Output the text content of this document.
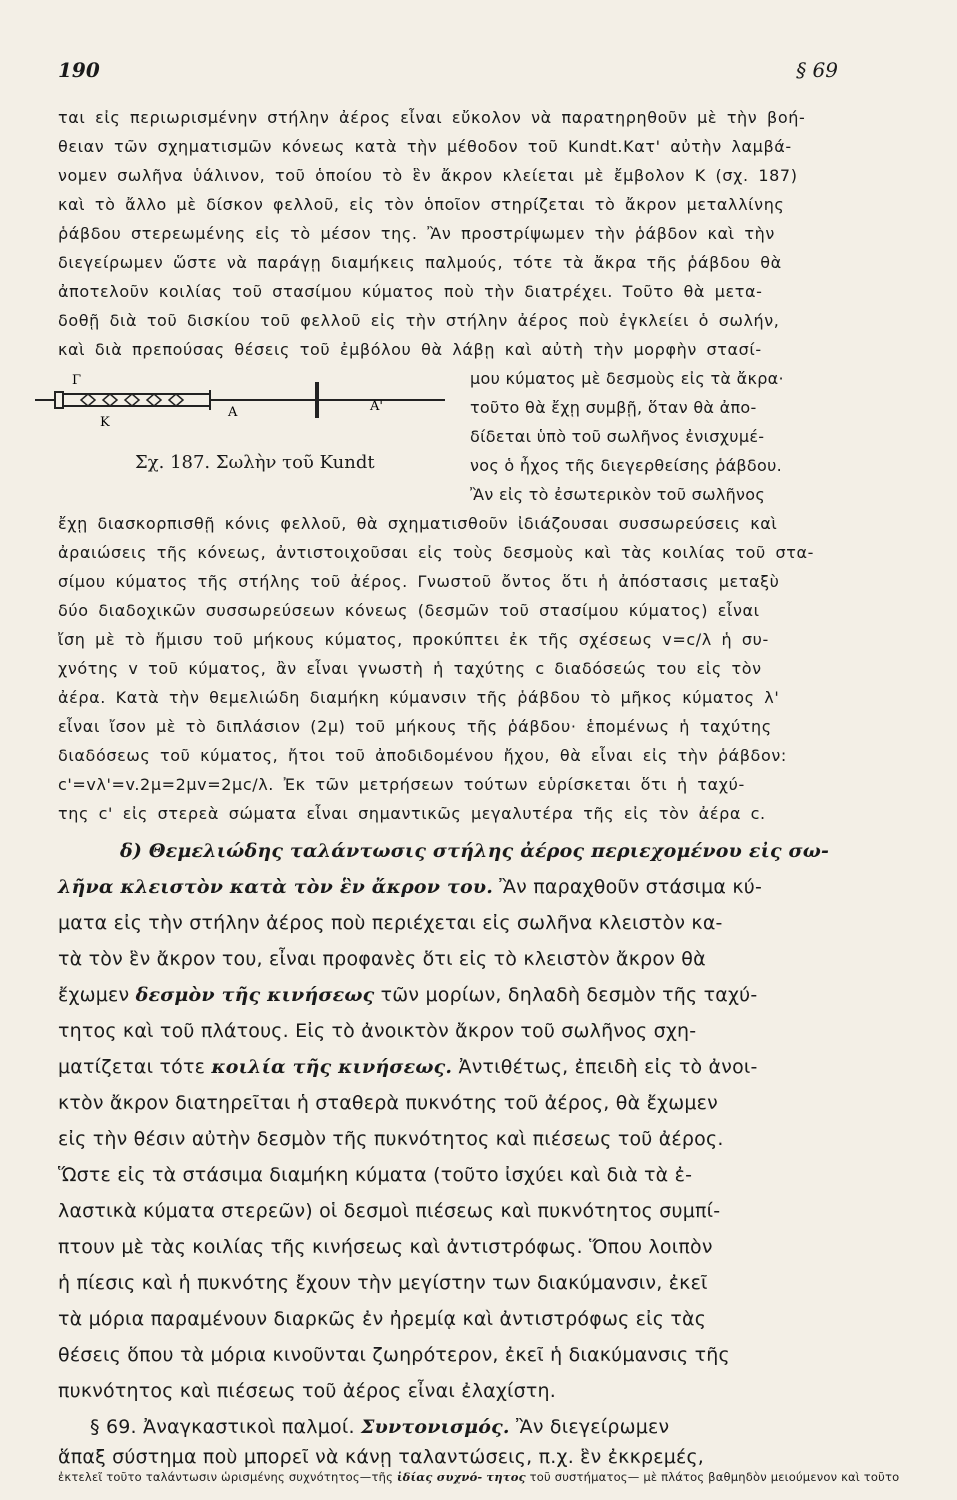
190	§ 69
ται εἰς περιωρισμένην στήλην ἀέρος εἶναι εὔκολον νὰ παρατηρηθοῦν μὲ τὴν βοή-
θειαν τῶν σχηματισμῶν κόνεως κατὰ τὴν μέθοδον τοῦ Kundt.Κατ' αὐτὴν λαμβά-
νομεν σωλῆνα ὑάλινον, τοῦ ὁποίου τὸ ἓν ἄκρον κλείεται μὲ ἔμβολον Κ (σχ. 187)
καὶ τὸ ἄλλο μὲ δίσκον φελλοῦ, εἰς τὸν ὁποῖον στηρίζεται τὸ ἄκρον μεταλλίνης
ῥάβδου στερεωμένης εἰς τὸ μέσον της. Ἂν προστρίψωμεν τὴν ῥάβδον καὶ τὴν
διεγείρωμεν ὥστε νὰ παράγῃ διαμήκεις παλμούς, τότε τὰ ἄκρα τῆς ῥάβδου θὰ
ἀποτελοῦν κοιλίας τοῦ στασίμου κύματος ποὺ τὴν διατρέχει. Τοῦτο θὰ μετα-
δοθῇ διὰ τοῦ δισκίου τοῦ φελλοῦ εἰς τὴν στήλην ἀέρος ποὺ ἐγκλείει ὁ σωλήν,
καὶ διὰ πρεπούσας θέσεις τοῦ ἐμβόλου θὰ λάβῃ καὶ αὐτὴ τὴν μορφὴν στασί-
μου κύματος μὲ δεσμοὺς εἰς τὰ ἄκρα·
τοῦτο θὰ ἔχῃ συμβῇ, ὅταν θὰ ἀπο-
δίδεται ὑπὸ τοῦ σωλῆνος ἐνισχυμέ-
νος ὁ ἦχος τῆς διεγερθείσης ῥάβδου.
Ἂν εἰς τὸ ἐσωτερικὸν τοῦ σωλῆνος
Γ
Κ
Α	Α'
Σχ. 187. Σωλὴν τοῦ Kundt
ἔχῃ διασκορπισθῇ κόνις φελλοῦ, θὰ σχηματισθοῦν ἰδιάζουσαι συσσωρεύσεις καὶ
ἀραιώσεις τῆς κόνεως, ἀντιστοιχοῦσαι εἰς τοὺς δεσμοὺς καὶ τὰς κοιλίας τοῦ στα-
σίμου κύματος τῆς στήλης τοῦ ἀέρος. Γνωστοῦ ὄντος ὅτι ἡ ἀπόστασις μεταξὺ
δύο διαδοχικῶν συσσωρεύσεων κόνεως (δεσμῶν τοῦ στασίμου κύματος) εἶναι
ἴση μὲ τὸ ἥμισυ τοῦ μήκους κύματος, προκύπτει ἐκ τῆς σχέσεως v=c/λ ἡ συ-
χνότης v τοῦ κύματος, ἂν εἶναι γνωστὴ ἡ ταχύτης c διαδόσεώς του εἰς τὸν
ἀέρα. Κατὰ τὴν θεμελιώδη διαμήκη κύμανσιν τῆς ῥάβδου τὸ μῆκος κύματος λ'
εἶναι ἴσον μὲ τὸ διπλάσιον (2μ) τοῦ μήκους τῆς ῥάβδου· ἑπομένως ἡ ταχύτης
διαδόσεως τοῦ κύματος, ἤτοι τοῦ ἀποδιδομένου ἤχου, θὰ εἶναι εἰς τὴν ῥάβδον:
c'=vλ'=v.2μ=2μv=2μc/λ. Ἐκ τῶν μετρήσεων τούτων εὑρίσκεται ὅτι ἡ ταχύ-
της c' εἰς στερεὰ σώματα εἶναι σημαντικῶς μεγαλυτέρα τῆς εἰς τὸν ἀέρα c.
δ) Θεμελιώδης ταλάντωσις στήλης ἀέρος περιεχομένου εἰς σω-
λῆνα κλειστὸν κατὰ τὸν ἓν ἄκρον του. Ἂν παραχθοῦν στάσιμα κύ-
ματα εἰς τὴν στήλην ἀέρος ποὺ περιέχεται εἰς σωλῆνα κλειστὸν κα-
τὰ τὸν ἓν ἄκρον του, εἶναι προφανὲς ὅτι εἰς τὸ κλειστὸν ἄκρον θὰ
ἔχωμεν δεσμὸν τῆς κινήσεως τῶν μορίων, δηλαδὴ δεσμὸν τῆς ταχύ-
τητος καὶ τοῦ πλάτους. Εἰς τὸ ἀνοικτὸν ἄκρον τοῦ σωλῆνος σχη-
ματίζεται τότε κοιλία τῆς κινήσεως. Ἀντιθέτως, ἐπειδὴ εἰς τὸ ἀνοι-
κτὸν ἄκρον διατηρεῖται ἡ σταθερὰ πυκνότης τοῦ ἀέρος, θὰ ἔχωμεν
εἰς τὴν θέσιν αὐτὴν δεσμὸν τῆς πυκνότητος καὶ πιέσεως τοῦ ἀέρος.
Ὥστε εἰς τὰ στάσιμα διαμήκη κύματα (τοῦτο ἰσχύει καὶ διὰ τὰ ἐ-
λαστικὰ κύματα στερεῶν) οἱ δεσμοὶ πιέσεως καὶ πυκνότητος συμπί-
πτουν μὲ τὰς κοιλίας τῆς κινήσεως καὶ ἀντιστρόφως. Ὅπου λοιπὸν
ἡ πίεσις καὶ ἡ πυκνότης ἔχουν τὴν μεγίστην των διακύμανσιν, ἐκεῖ
τὰ μόρια παραμένουν διαρκῶς ἐν ἠρεμίᾳ καὶ ἀντιστρόφως εἰς τὰς
θέσεις ὅπου τὰ μόρια κινοῦνται ζωηρότερον, ἐκεῖ ἡ διακύμανσις τῆς
πυκνότητος καὶ πιέσεως τοῦ ἀέρος εἶναι ἐλαχίστη.
§ 69. Ἀναγκαστικοὶ παλμοί. Συντονισμός. Ἂν διεγείρωμεν
ἅπαξ σύστημα ποὺ μπορεῖ νὰ κάνῃ ταλαντώσεις, π.χ. ἓν ἐκκρεμές,
ἐκτελεῖ τοῦτο ταλάντωσιν ὡρισμένης συχνότητος—τῆς ἰδίας συχνό- τητος τοῦ συστήματος— μὲ πλάτος βαθμηδὸν μειούμενον καὶ τοῦτο
